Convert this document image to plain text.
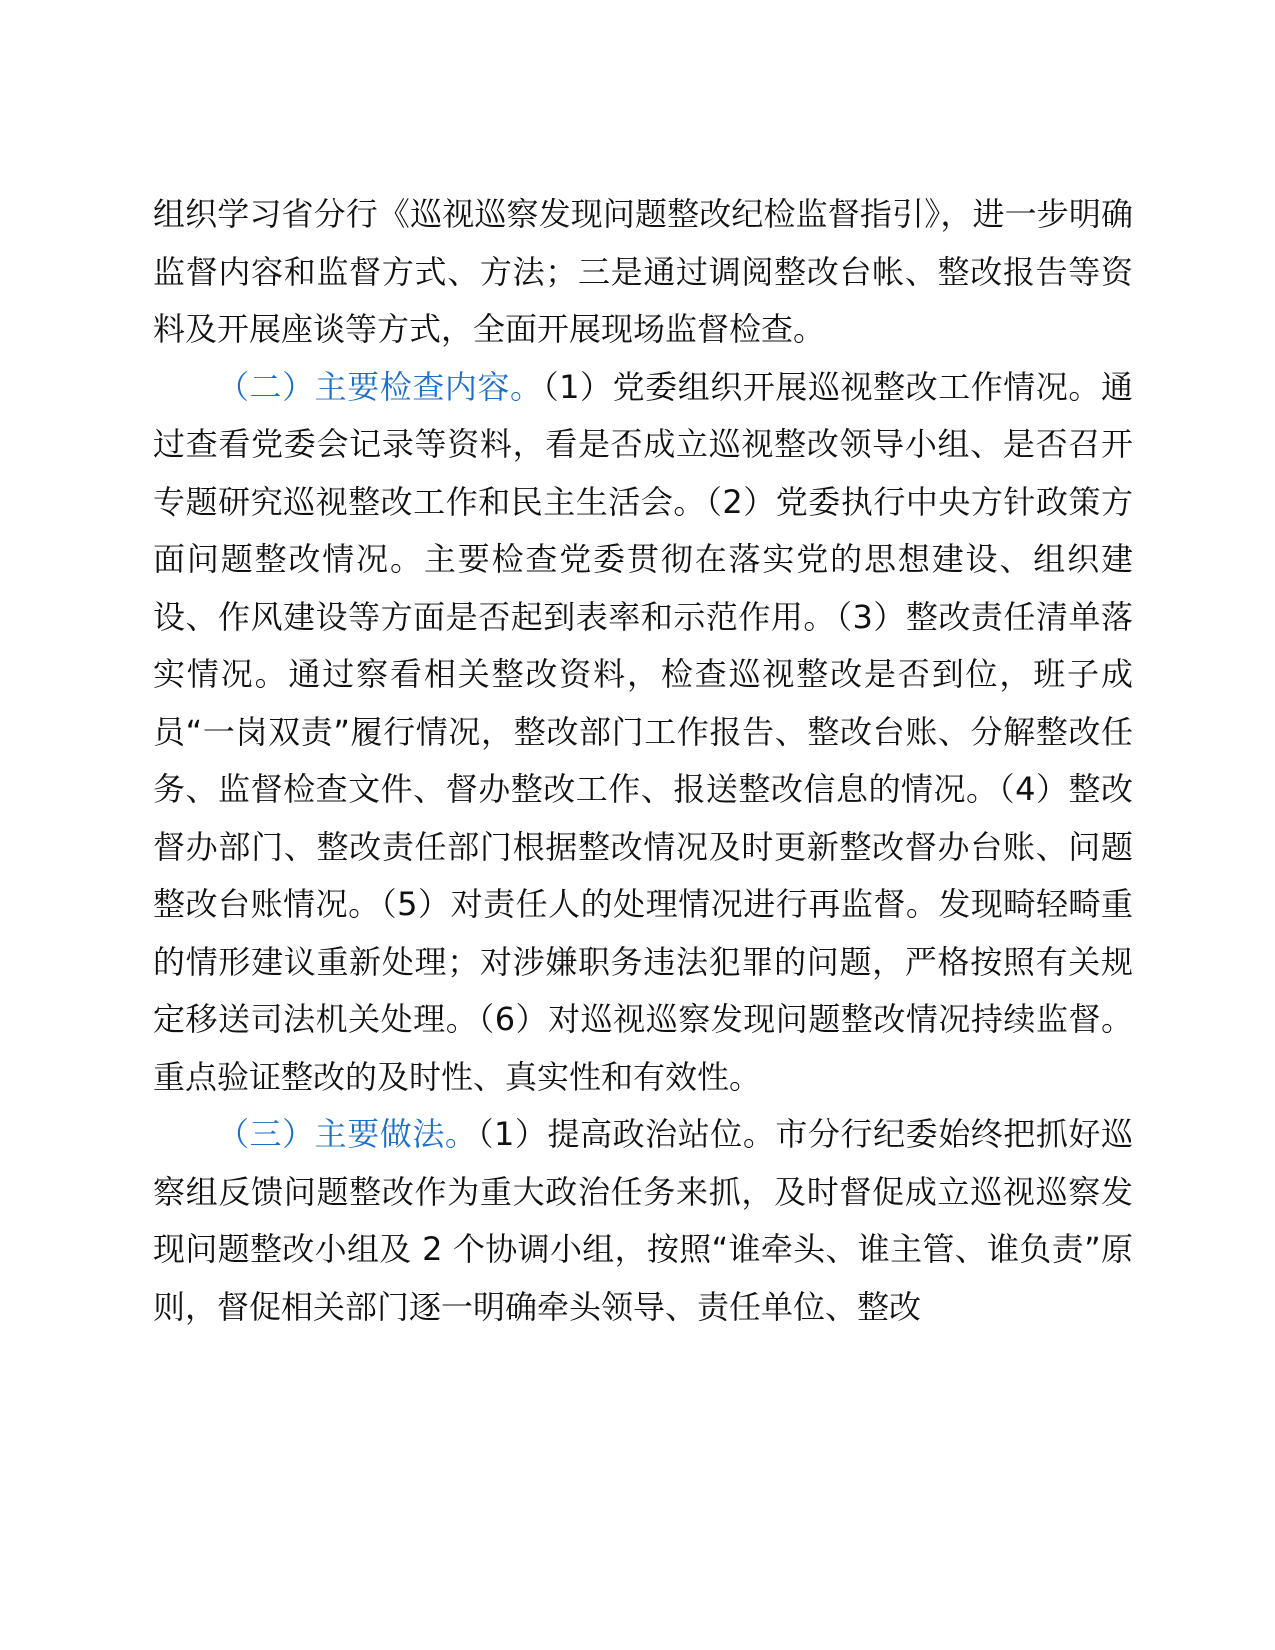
组织学习省分行《巡视巡察发现问题整改纪检监督指引》，进一步明确监督内容和监督方式、方法；三是通过调阅整改台帐、整改报告等资料及开展座谈等方式，全面开展现场监督检查。

（二）主要检查内容。（1）党委组织开展巡视整改工作情况。通过查看党委会记录等资料，看是否成立巡视整改领导小组、是否召开专题研究巡视整改工作和民主生活会。（2）党委执行中央方针政策方面问题整改情况。主要检查党委贯彻在落实党的思想建设、组织建设、作风建设等方面是否起到表率和示范作用。（3）整改责任清单落实情况。通过察看相关整改资料，检查巡视整改是否到位，班子成员“一岗双责”履行情况，整改部门工作报告、整改台账、分解整改任务、监督检查文件、督办整改工作、报送整改信息的情况。（4）整改督办部门、整改责任部门根据整改情况及时更新整改督办台账、问题整改台账情况。（5）对责任人的处理情况进行再监督。发现畸轻畸重的情形建议重新处理；对涉嫌职务违法犯罪的问题，严格按照有关规定移送司法机关处理。（6）对巡视巡察发现问题整改情况持续监督。重点验证整改的及时性、真实性和有效性。

（三）主要做法。（1）提高政治站位。市分行纪委始终把抓好巡察组反馈问题整改作为重大政治任务来抓，及时督促成立巡视巡察发现问题整改小组及 2 个协调小组，按照“谁牵头、谁主管、谁负责”原则，督促相关部门逐一明确牵头领导、责任单位、整改
